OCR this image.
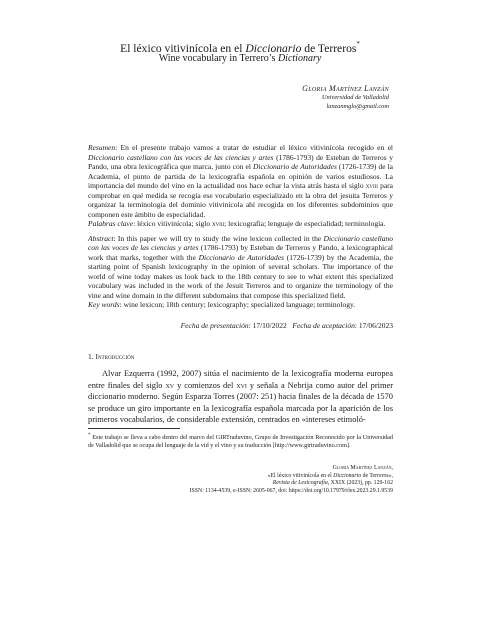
El léxico vitivinícola en el Diccionario de Terreros*
Wine vocabulary in Terrero’s Dictionary
Gloria Martínez Lanzán
Universidad de Valladolid
lanzanmglo@gmail.com

Resumen: En el presente trabajo vamos a tratar de estudiar el léxico vitivinícola recogido en el Diccionario castellano con las voces de las ciencias y artes (1786-1793) de Esteban de Terreros y Pando, una obra lexicográfica que marca, junto con el Diccionario de Autoridades (1726-1739) de la Academia, el punto de partida de la lexicografía española en opinión de varios estudiosos. La importancia del mundo del vino en la actualidad nos hace echar la vista atrás hasta el siglo xviii para comprobar en qué medida se recogía ese vocabulario especializado en la obra del jesuita Terreros y organizar la terminología del dominio vitivinícola ahí recogida en los diferentes subdominios que componen este ámbito de especialidad.

Palabras clave: léxico vitivinícola; siglo xviii; lexicografía; lenguaje de especialidad; terminología.

Abstract: In this paper we will try to study the wine lexicon collected in the Diccionario castellano con las voces de las ciencias y artes (1786-1793) by Esteban de Terreros y Pando, a lexicographical work that marks, together with the Diccionario de Autoridades (1726-1739) by the Academia, the starting point of Spanish lexicography in the opinion of several scholars. The importance of the world of wine today makes us look back to the 18th century to see to what extent this specialized vocabulary was included in the work of the Jesuit Terreros and to organize the terminology of the vine and wine domain in the different subdomains that compose this specialized field.

Key words: wine lexicon; 18th century; lexicography; specialized language; terminology.

Fecha de presentación: 17/10/2022 Fecha de aceptación: 17/06/2023
1. Introducción

Alvar Ezquerra (1992, 2007) sitúa el nacimiento de la lexicografía moderna europea entre finales del siglo xv y comienzos del xvi y señala a Nebrija como autor del primer diccionario moderno. Según Esparza Torres (2007: 251) hacia finales de la década de 1570 se produce un giro importante en la lexicografía española marcada por la aparición de los primeros vocabularios, de considerable extensión, centrados en «intereses etimoló-

* Este trabajo se lleva a cabo dentro del marco del GIRTraduvino, Grupo de Investigación Reconocido por la Universidad de Valladolid que se ocupa del lenguaje de la vid y el vino y su traducción [http://www.girtraduvino.com].
Gloria Martínez Lanzán,
«El léxico vitivinícola en el Diccionario de Terreros»,
Revista de Lexicografía, XXIX (2023), pp. 129-162
ISSN: 1134-4539, e-ISSN: 2605-067, doi: https://doi.org/10.17979/rlex.2023.29.1.9539
